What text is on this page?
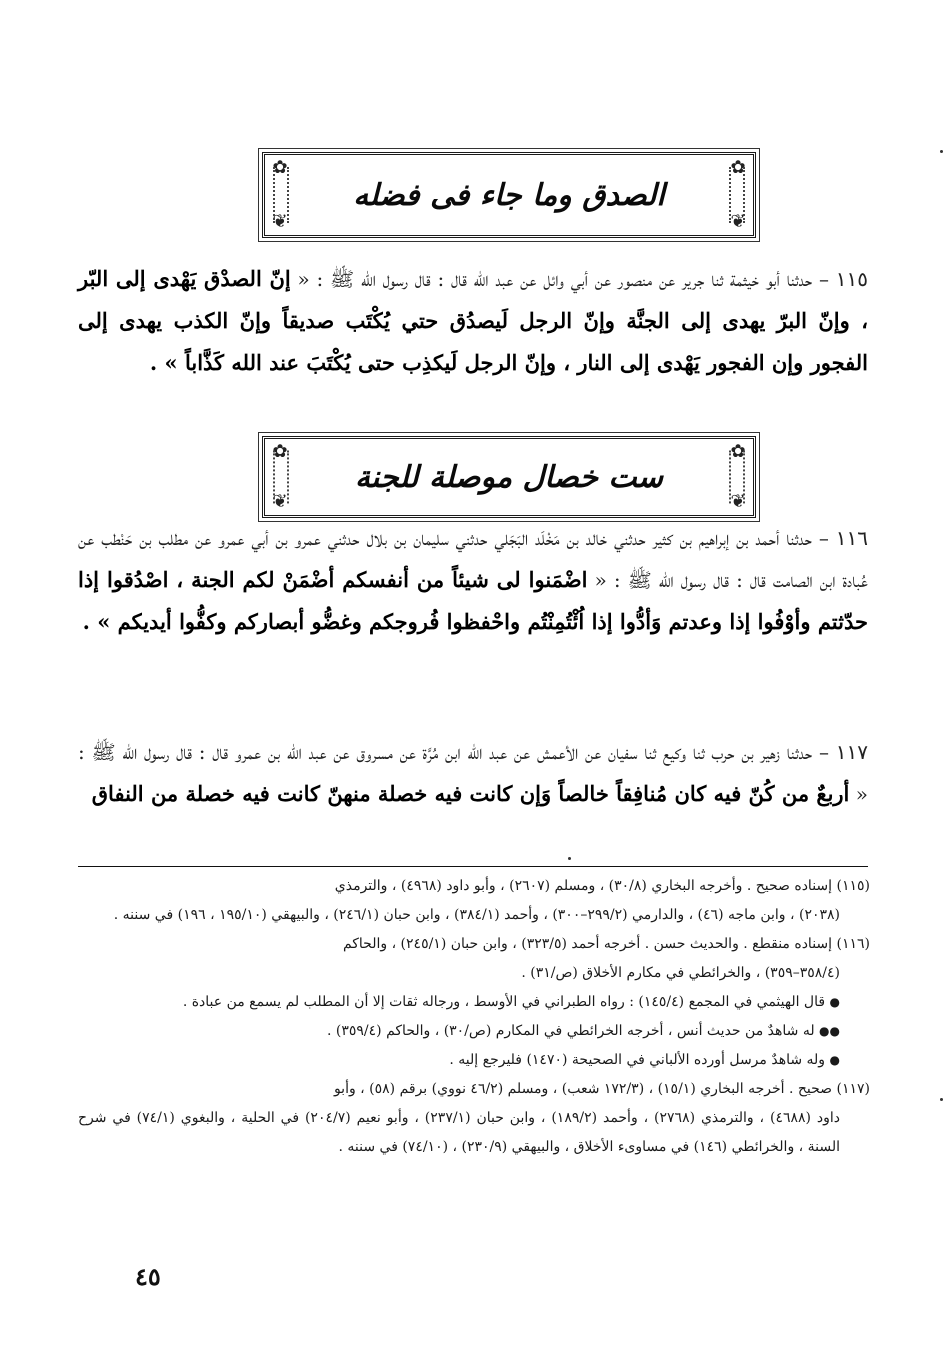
✿
✿
❦
❦
الصدق وما جاء فى فضله
١١٥ – حدثنا أبو خيثمة ثنا جرير عن منصور عن أبي وائل عن عبد الله قال : قال رسول الله ﷺ : « إنّ الصدْق يَهْدى إلى البّر ، وإنّ البرّ يهدى إلى الجنَّة وإنّ الرجل لَيصدُق حتي يُكْتَب صديقاً وإنّ الكذب يهدى إلى الفجور وإن الفجور يَهْدى إلى النار ، وإنّ الرجل لَيكذِب حتى يُكْتَبَ عند الله كَذَّاباً » .
✿
✿
❦
❦
ست خصال موصلة للجنة
١١٦ – حدثنا أحمد بن إبراهيم بن كثير حدثني خالد بن مَخْلَد البَجَلي حدثني سليمان بن بلال حدثني عمرو بن أبي عمرو عن مطلب بن حَنْطب عن عُبادة ابن الصامت قال : قال رسول الله ﷺ : « اضْمَنوا لى شيئاً من أنفسكم أضْمَنْ لكم الجنة ، اصْدُقوا إذا حدّثتم وأوْفُوا إذا وعدتم وَأدُّوا إذا اُئْتُمِنْتُم واحْفظوا فُروجكم وغضُّو أبصاركم وكفُّوا أيديكم » .
١١٧ – حدثنا زهير بن حرب ثنا وكيع ثنا سفيان عن الأعمش عن عبد الله ابن مُرَّة عن مسروق عن عبد الله بن عمرو قال : قال رسول الله ﷺ : « أربعٌ من كُنّ فيه كان مُنافِقاً خالصاً وَإن كانت فيه خصلة منهنّ كانت فيه خصلة من النفاق
(١١٥) إسناده صحيح . وأخرجه البخاري (٣٠/٨) ، ومسلم (٢٦٠٧) ، وأبو داود (٤٩٦٨) ، والترمذي
(٢٠٣٨) ، وابن ماجه (٤٦) ، والدارمي (٢٩٩/٢–٣٠٠) ، وأحمد (٣٨٤/١) ، وابن حبان (٢٤٦/١) ، والبيهقي (١٩٥/١٠ ، ١٩٦) في سننه .
(١١٦) إسناده منقطع . والحديث حسن . أخرجه أحمد (٣٢٣/٥) ، وابن حبان (٢٤٥/١) ، والحاكم
(٣٥٨/٤–٣٥٩) ، والخرائطي في مكارم الأخلاق (ص/٣١) .
● قال الهيثمي في المجمع (١٤٥/٤) : رواه الطبراني في الأوسط ، ورجاله ثقات إلا أن المطلب لم يسمع من عبادة .
●● له شاهدٌ من حديث أنس ، أخرجه الخرائطي في المكارم (ص/٣٠) ، والحاكم (٣٥٩/٤) .
● وله شاهدٌ مرسل أورده الألباني في الصحيحة (١٤٧٠) فليرجع إليه .
(١١٧) صحيح . أخرجه البخاري (١٥/١) ، (١٧٢/٣ شعب) ، ومسلم (٤٦/٢ نووي) برقم (٥٨) ، وأبو
داود (٤٦٨٨) ، والترمذي (٢٧٦٨) ، وأحمد (١٨٩/٢) ، وابن حبان (٢٣٧/١) ، وأبو نعيم (٢٠٤/٧) في الحلية ، والبغوي (٧٤/١) في شرح السنة ، والخرائطي (١٤٦) في مساوىء الأخلاق ، والبيهقي (٢٣٠/٩) ، (٧٤/١٠) في سننه .
٤٥
